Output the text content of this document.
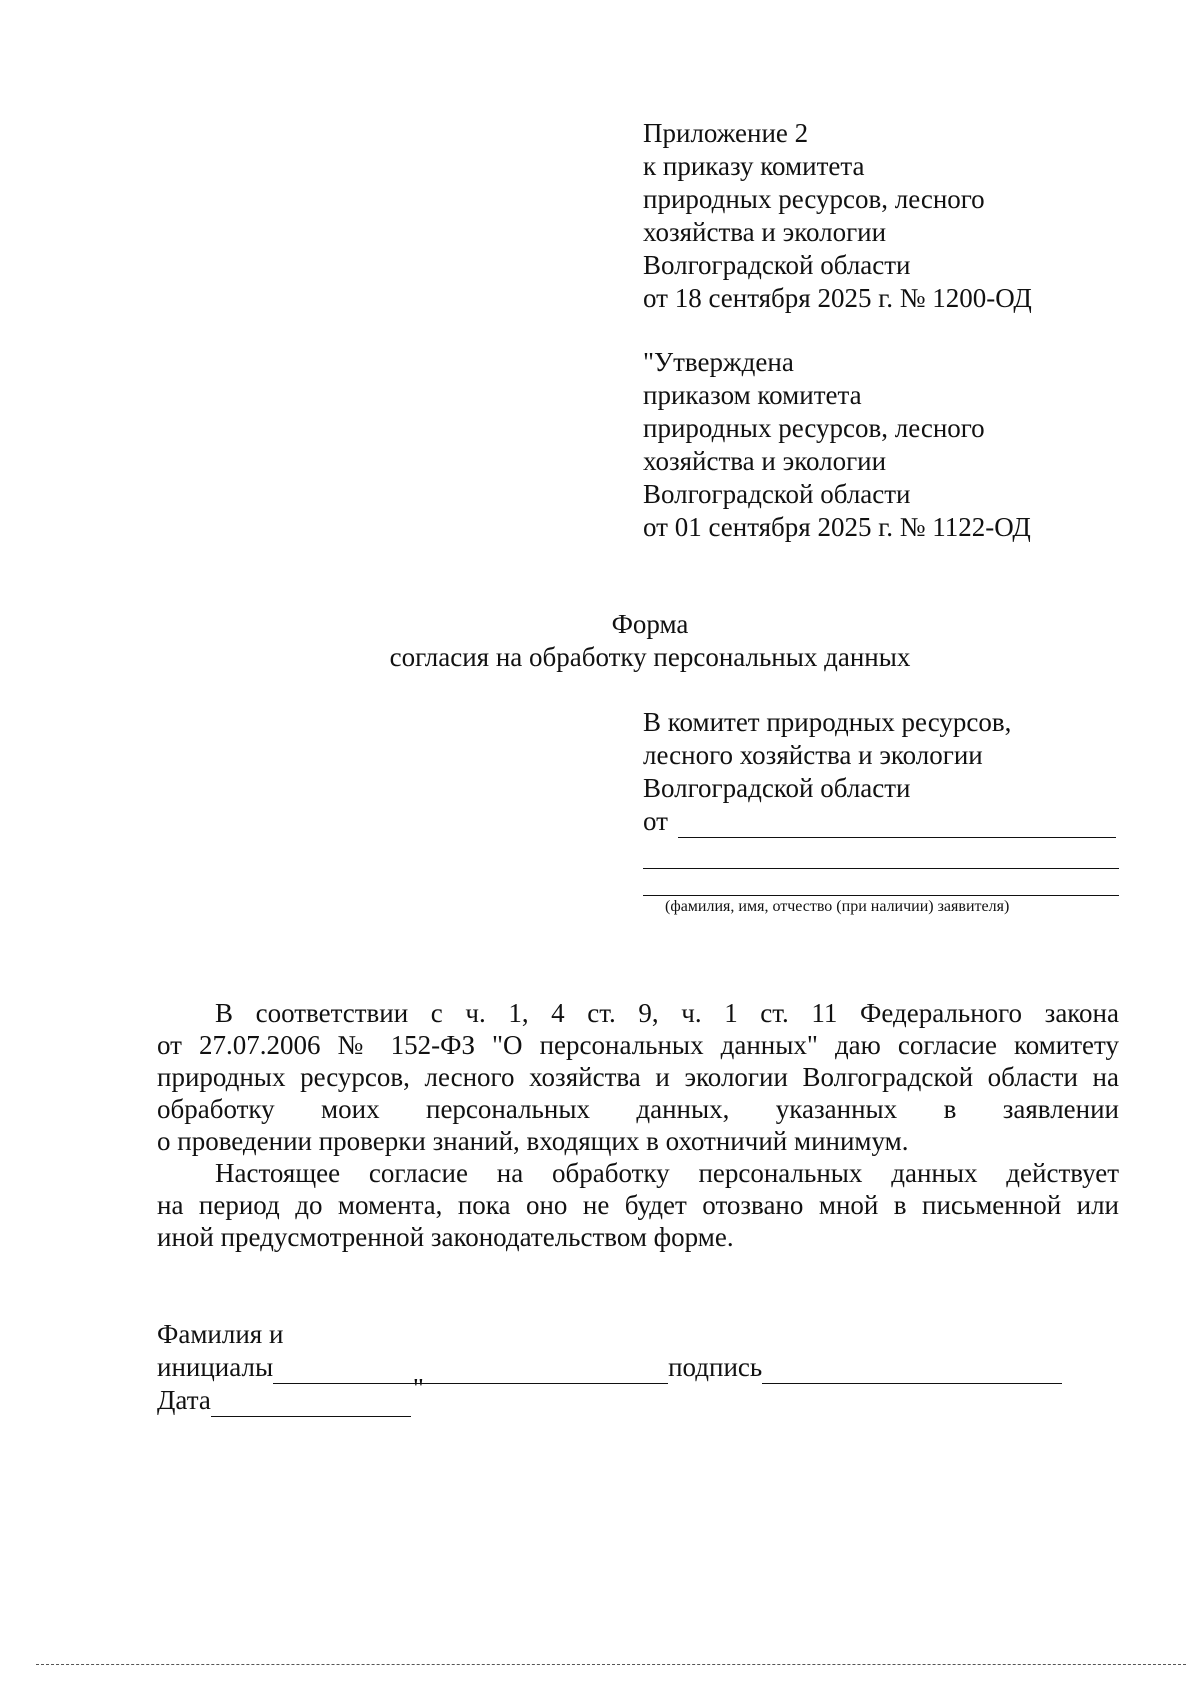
Приложение 2
к приказу комитета
природных ресурсов, лесного
хозяйства и экологии
Волгоградской области
от 18 сентября 2025 г. № 1200-ОД
"Утверждена
приказом комитета
природных ресурсов, лесного
хозяйства и экологии
Волгоградской области
от 01 сентября 2025 г. № 1122-ОД
Форма
согласия на обработку персональных данных
В комитет природных ресурсов,
лесного хозяйства и экологии
Волгоградской области
от
(фамилия, имя, отчество (при наличии) заявителя)

В соответствии с ч. 1, 4 ст. 9, ч. 1 ст. 11 Федерального закона
от 27.07.2006 № 152-ФЗ "О персональных данных" даю согласие комитету
природных ресурсов, лесного хозяйства и экологии Волгоградской области на
обработку моих персональных данных, указанных в заявлении
о проведении проверки знаний, входящих в охотничий минимум.

Настоящее согласие на обработку персональных данных действует
на период до момента, пока оно не будет отозвано мной в письменной или
иной предусмотренной законодательством форме.

Фамилия и
инициалы	подпись
Дата	"
